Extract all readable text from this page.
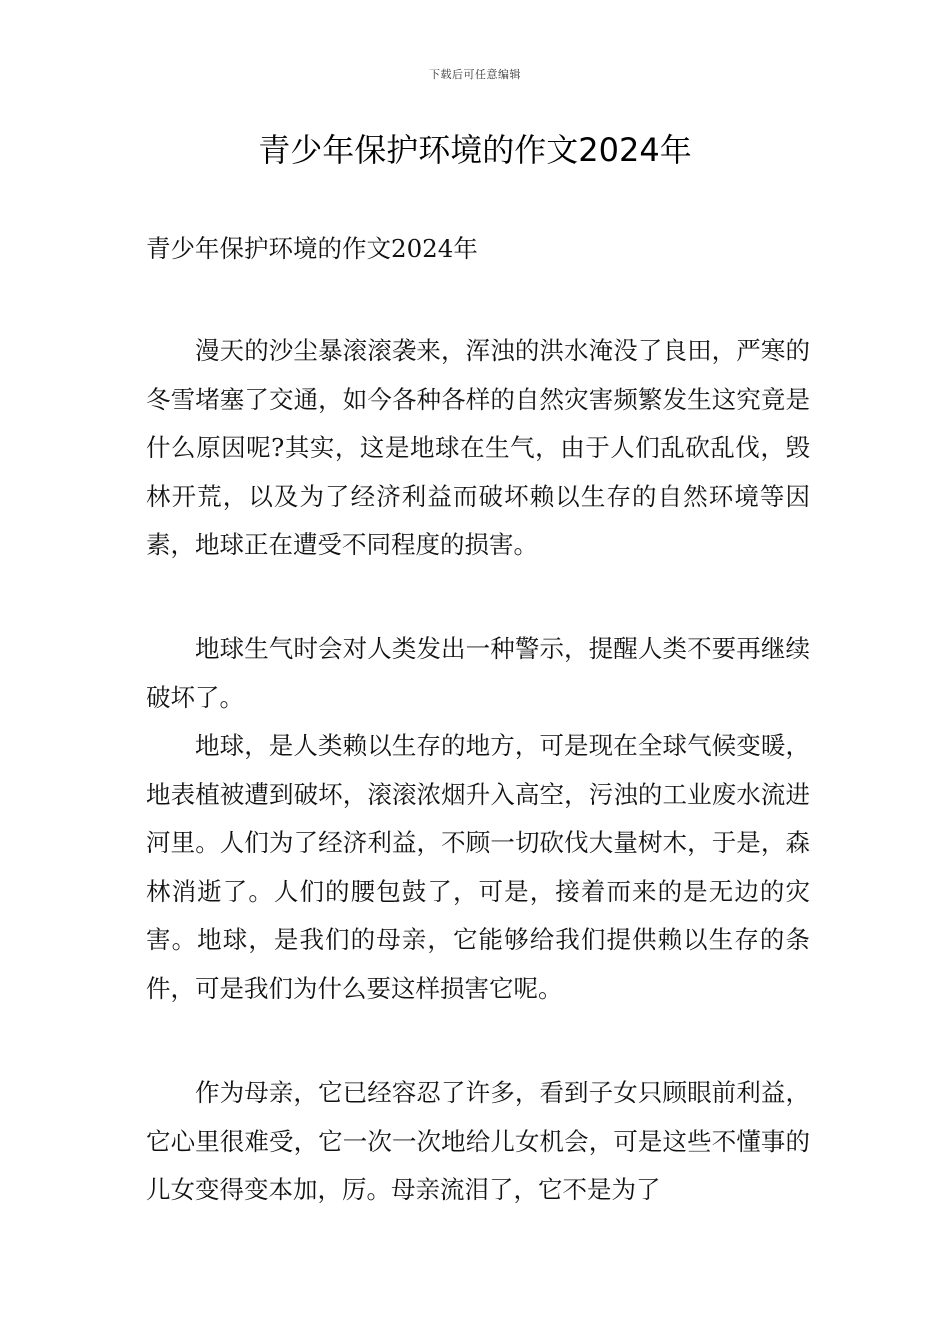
下载后可任意编辑
青少年保护环境的作文2024年

青少年保护环境的作文2024年

漫天的沙尘暴滚滚袭来，浑浊的洪水淹没了良田，严寒的冬雪堵塞了交通，如今各种各样的自然灾害频繁发生这究竟是什么原因呢?其实，这是地球在生气，由于人们乱砍乱伐，毁林开荒，以及为了经济利益而破坏赖以生存的自然环境等因素，地球正在遭受不同程度的损害。

地球生气时会对人类发出一种警示，提醒人类不要再继续破坏了。

地球，是人类赖以生存的地方，可是现在全球气候变暖，地表植被遭到破坏，滚滚浓烟升入高空，污浊的工业废水流进河里。人们为了经济利益，不顾一切砍伐大量树木，于是，森林消逝了。人们的腰包鼓了，可是，接着而来的是无边的灾害。地球，是我们的母亲，它能够给我们提供赖以生存的条件，可是我们为什么要这样损害它呢。

作为母亲，它已经容忍了许多，看到子女只顾眼前利益，它心里很难受，它一次一次地给儿女机会，可是这些不懂事的儿女变得变本加，厉。母亲流泪了，它不是为了
